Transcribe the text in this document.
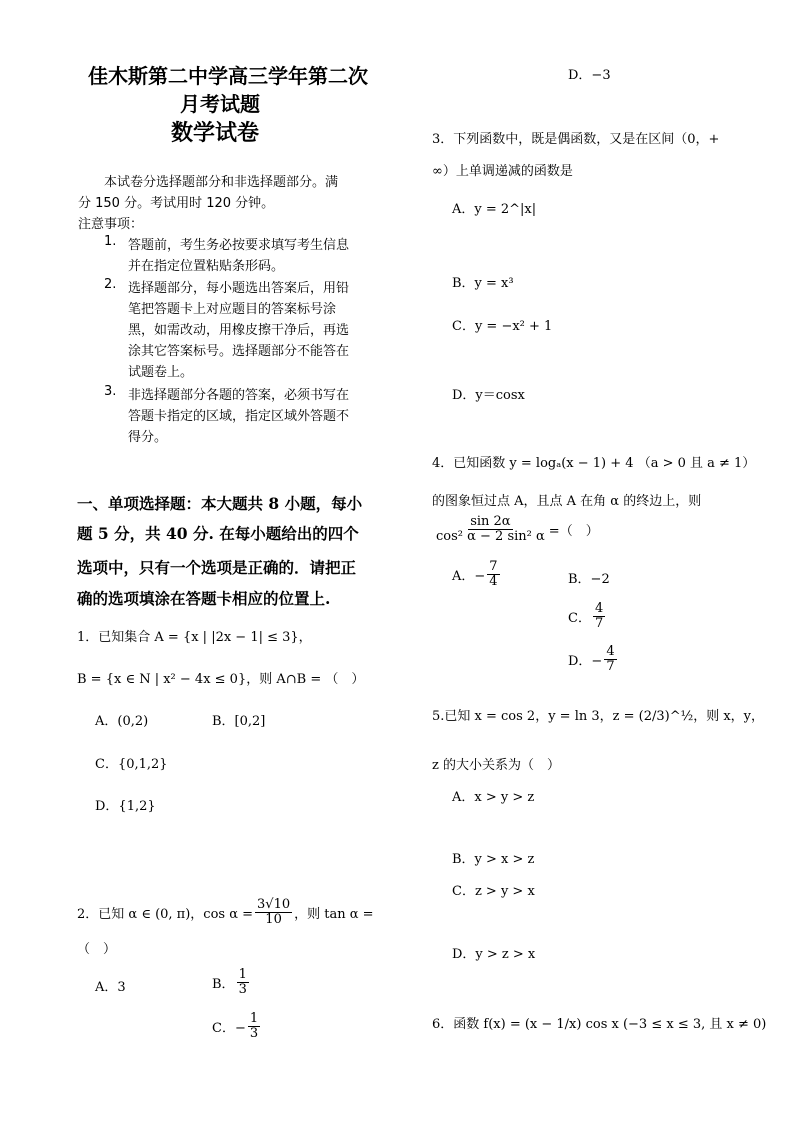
佳木斯第二中学高三学年第二次
月考试题
数学试卷
本试卷分选择题部分和非选择题部分。满
分 150 分。考试用时 120 分钟。
注意事项：
1. 答题前，考生务必按要求填写考生信息
并在指定位置粘贴条形码。
2. 选择题部分，每小题选出答案后，用铅
笔把答题卡上对应题目的答案标号涂
黑，如需改动，用橡皮擦干净后，再选
涂其它答案标号。选择题部分不能答在
试题卷上。
3. 非选择题部分各题的答案，必须书写在
答题卡指定的区域，指定区域外答题不
得分。
一、单项选择题：本大题共 8 小题，每小
题 5 分，共 40 分. 在每小题给出的四个
选项中，只有一个选项是正确的．请把正
确的选项填涂在答题卡相应的位置上.
1．已知集合 A = {x | |2x − 1| ≤ 3}，
B = {x ∈ N | x² − 4x ≤ 0}，则 A∩B = （　）
A．(0,2)	B．[0,2]
C．{0,1,2}
D．{1,2}
2．已知 α ∈ (0, π)，$\cos \alpha = \frac{3√10}{10}$ ，则 tan α =
（　）
A．3	B． $\frac{1}{3}$
C．− $\frac{1}{3}$
D．−3
3．下列函数中，既是偶函数，又是在区间（0，+
∞）上单调递减的函数是
A．y = 2^|x|
B．y = x³
C．y = −x² + 1
D．y＝cosx
4．已知函数 y = logₐ(x − 1) + 4 （a > 0 且 a ≠ 1）
的图象恒过点 A，且点 A 在角 α 的终边上，则
$\frac{\sin 2\alpha}{\text{cos² α − 2 sin² α}}$ =（　）
A．− $\frac{7}{4}$	B．−2
C． $\frac{4}{7}$
D．− $\frac{4}{7}$
5.已知 x = cos 2，y = ln 3，z = (2/3)^½，则 x，y，
z 的大小关系为（　）
A．x > y > z
B．y > x > z
C．z > y > x
D．y > z > x
6．函数 f(x) = (x − 1/x) cos x (−3 ≤ x ≤ 3, 且 x ≠ 0)
